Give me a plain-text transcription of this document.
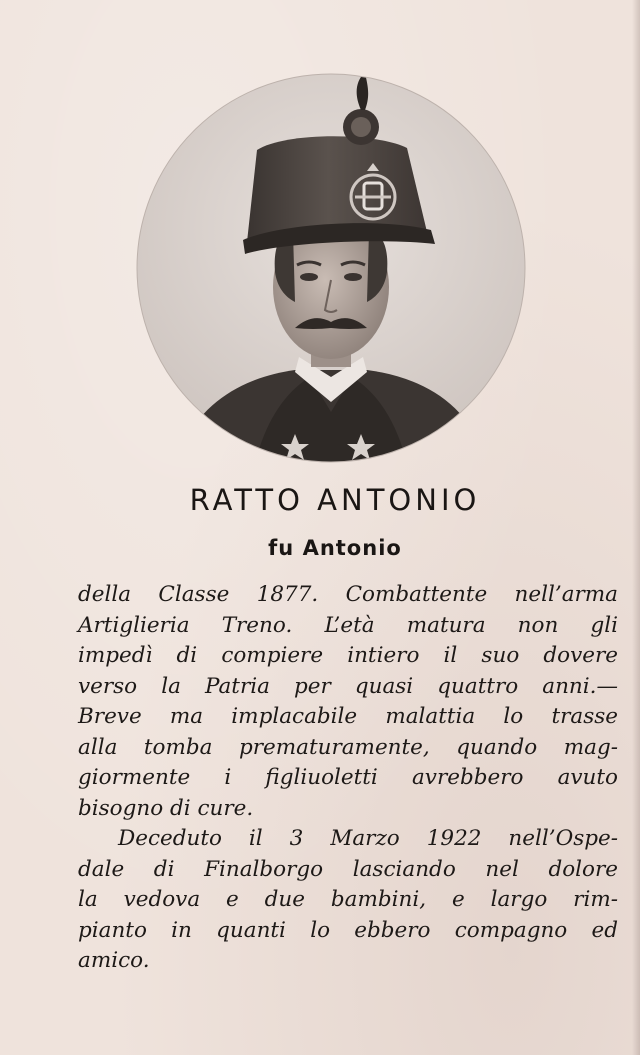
RATTO ANTONIO
fu Antonio
della Classe 1877. Combattente nell’arma
Artiglieria Treno. L’età matura non gli
impedì di compiere intiero il suo dovere
verso la Patria per quasi quattro anni.—
Breve ma implacabile malattia lo trasse
alla tomba prematuramente, quando mag-
giormente i figliuoletti avrebbero avuto
bisogno di cure.
Deceduto il 3 Marzo 1922 nell’Ospe-
dale di Finalborgo lasciando nel dolore
la vedova e due bambini, e largo rim-
pianto in quanti lo ebbero compagno ed
amico.
